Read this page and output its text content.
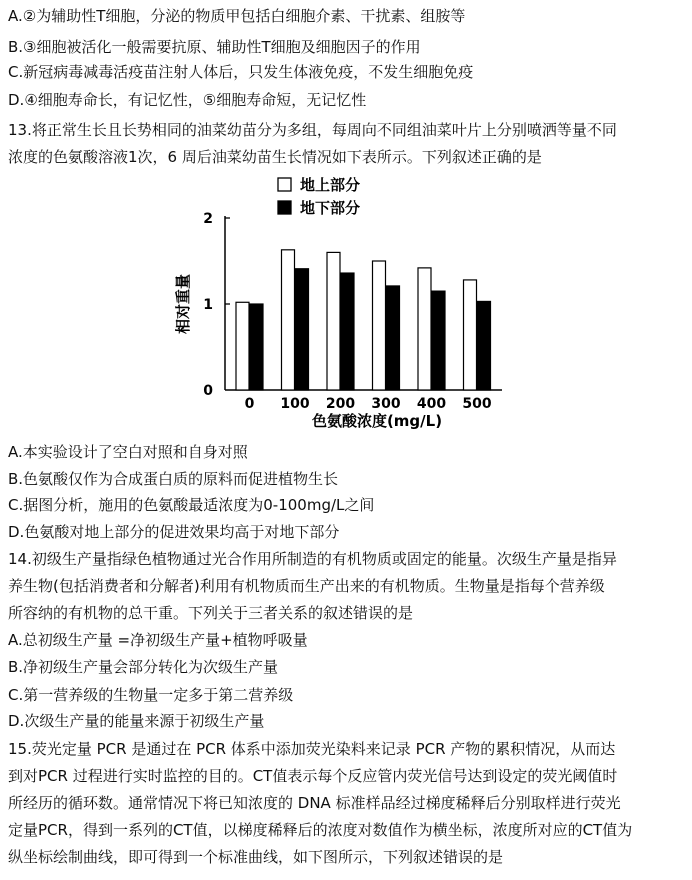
A.②为辅助性T细胞，分泌的物质甲包括白细胞介素、干扰素、组胺等
B.③细胞被活化一般需要抗原、辅助性T细胞及细胞因子的作用
C.新冠病毒减毒活疫苗注射人体后，只发生体液免疫，不发生细胞免疫
D.④细胞寿命长，有记忆性，⑤细胞寿命短，无记忆性
13.将正常生长且长势相同的油菜幼苗分为多组，每周向不同组油菜叶片上分别喷洒等量不同
浓度的色氨酸溶液1次，6 周后油菜幼苗生长情况如下表所示。下列叙述正确的是
0
1
2
相对重量
0 100 200 300 400 500
色氨酸浓度(mg/L)
地上部分
地下部分
A.本实验设计了空白对照和自身对照
B.色氨酸仅作为合成蛋白质的原料而促进植物生长
C.据图分析，施用的色氨酸最适浓度为0-100mg/L之间
D.色氨酸对地上部分的促进效果均高于对地下部分
14.初级生产量指绿色植物通过光合作用所制造的有机物质或固定的能量。次级生产量是指异
养生物(包括消费者和分解者)利用有机物质而生产出来的有机物质。生物量是指每个营养级
所容纳的有机物的总干重。下列关于三者关系的叙述错误的是
A.总初级生产量 =净初级生产量+植物呼吸量
B.净初级生产量会部分转化为次级生产量
C.第一营养级的生物量一定多于第二营养级
D.次级生产量的能量来源于初级生产量
15.荧光定量 PCR 是通过在 PCR 体系中添加荧光染料来记录 PCR 产物的累积情况，从而达
到对PCR 过程进行实时监控的目的。CT值表示每个反应管内荧光信号达到设定的荧光阈值时
所经历的循环数。通常情况下将已知浓度的 DNA 标准样品经过梯度稀释后分别取样进行荧光
定量PCR，得到一系列的CT值，以梯度稀释后的浓度对数值作为横坐标，浓度所对应的CT值为
纵坐标绘制曲线，即可得到一个标准曲线，如下图所示，下列叙述错误的是
